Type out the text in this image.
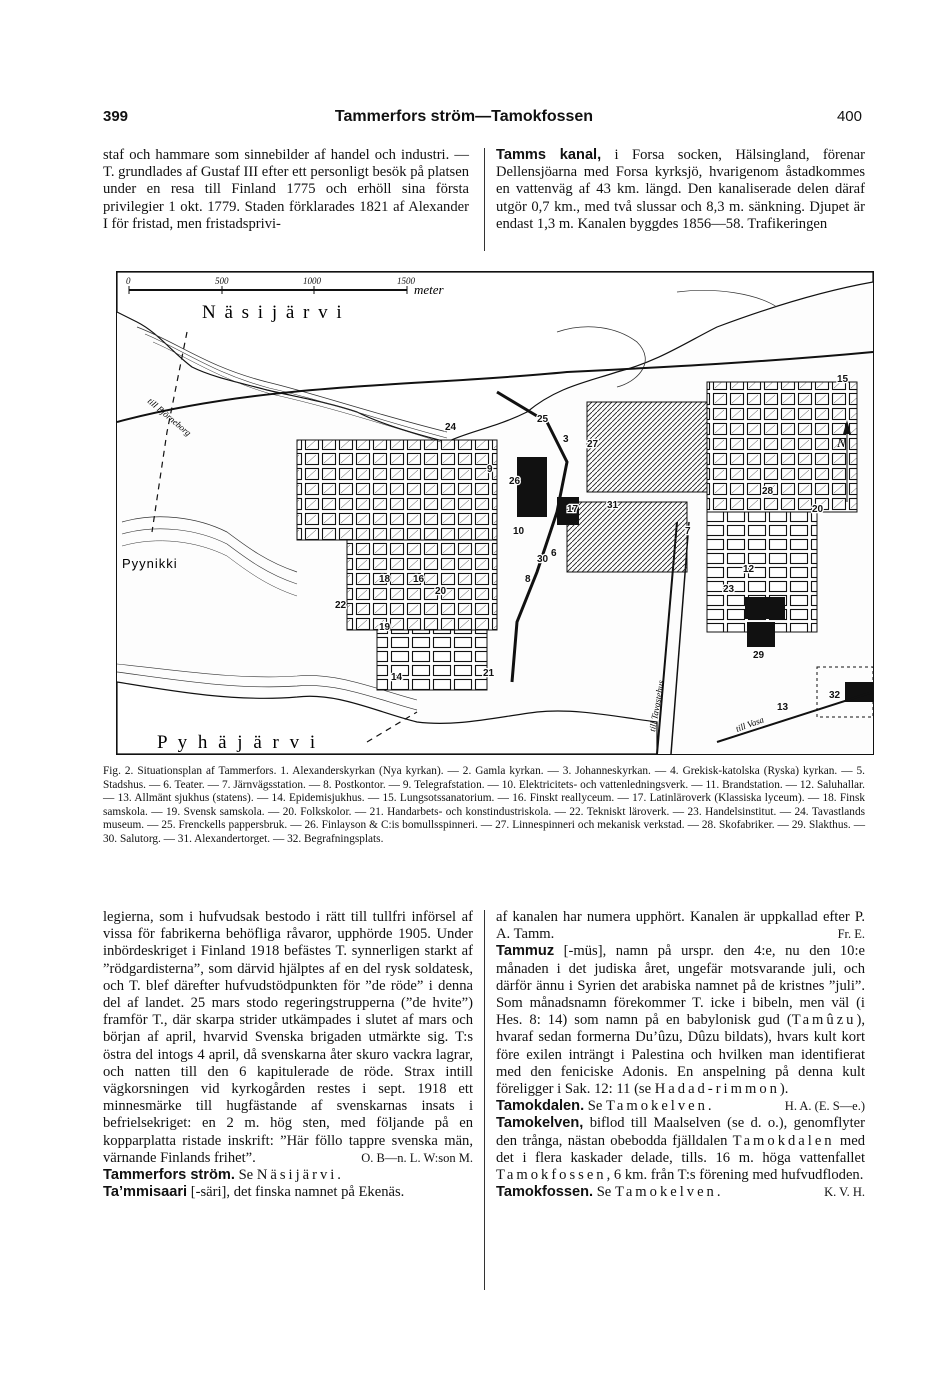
399	Tammerfors ström—Tamokfossen	400

staf och hammare som sinnebilder af handel och industri. — T. grundlades af Gustaf III efter ett personligt besök på platsen under en resa till Finland 1775 och erhöll sina första privilegier 1 okt. 1779. Staden förklarades 1821 af Alexander I för fristad, men fristadsprivi-

Tamms kanal, i Forsa socken, Hälsingland, förenar Dellensjöarna med Forsa kyrksjö, hvarigenom åstadkommes en vattenväg af 43 km. längd. Den kanaliserade delen däraf utgör 0,7 km., med två slussar och 8,3 m. sänkning. Djupet är endast 1,3 m. Kanalen byggdes 1856—58. Trafikeringen

0	500	1000	1500
meter
N ä s i j ä r v i
P y h ä j ä r v i
Pyynikki
till Björneborg
till Tavastehus	till Vasa
N
15
24
27
9
26
20
28
30
6
18 16
20
22
19
14	21
29
13
32
3
17
10
8
12
25
23
31
7
Fig. 2. Situationsplan af Tammerfors. 1. Alexanderskyrkan (Nya kyrkan). — 2. Gamla kyrkan. — 3. Johanneskyrkan. — 4. Grekisk-katolska (Ryska) kyrkan. — 5. Stadshus. — 6. Teater. — 7. Järnvägsstation. — 8. Postkontor. — 9. Telegrafstation. — 10. Elektricitets- och vattenledningsverk. — 11. Brandstation. — 12. Saluhallar. — 13. Allmänt sjukhus (statens). — 14. Epidemisjukhus. — 15. Lungsotssanatorium. — 16. Finskt reallyceum. — 17. Latinläroverk (Klassiska lyceum). — 18. Finsk samskola. — 19. Svensk samskola. — 20. Folkskolor. — 21. Handarbets- och konstindustriskola. — 22. Tekniskt läroverk. — 23. Handelsinstitut. — 24. Tavastlands museum. — 25. Frenckells pappersbruk. — 26. Finlayson & C:is bomullsspinneri. — 27. Linnespinneri och mekanisk verkstad. — 28. Skofabriker. — 29. Slakthus. — 30. Salutorg. — 31. Alexandertorget. — 32. Begrafningsplats.

legierna, som i hufvudsak bestodo i rätt till tullfri införsel af vissa för fabrikerna behöfliga råvaror, upphörde 1905. Under inbördeskriget i Finland 1918 befästes T. synnerligen starkt af ”rödgardisterna”, som därvid hjälptes af en del rysk soldatesk, och T. blef därefter hufvudstödpunkten för ”de röde” i denna del af landet. 25 mars stodo regeringstrupperna (”de hvite”) framför T., där skarpa strider utkämpades i slutet af mars och början af april, hvarvid Svenska brigaden utmärkte sig. T:s östra del intogs 4 april, då svenskarna åter skuro vackra lagrar, och natten till den 6 kapitulerade de röde. Strax intill vägkorsningen vid kyrkogården restes i sept. 1918 ett minnesmärke till hugfästande af svenskarnas insats i befrielsekriget: en 2 m. hög sten, med följande på en kopparplatta ristade inskrift: ”Här föllo tappre svenska män, värnande Finlands frihet”.	O. B—n. L. W:son M.

Tammerfors ström. Se Näsijärvi.

Ta’mmisaari [-säri], det finska namnet på Ekenäs.

af kanalen har numera upphört. Kanalen är uppkallad efter P. A. Tamm.	Fr. E.

Tammuz [-müs], namn på urspr. den 4:e, nu den 10:e månaden i det judiska året, ungefär motsvarande juli, och därför ännu i Syrien det arabiska namnet på de kristnes ”juli”. Som månadsnamn förekommer T. icke i bibeln, men väl (i Hes. 8: 14) som namn på en babylonisk gud (Tamûzu), hvaraf sedan formerna Du’ûzu, Dûzu bildats), hvars kult kort före exilen inträngt i Palestina och hvilken man identifierat med den feniciske Adonis. En anspelning på denna kult föreligger i Sak. 12: 11 (se Hadad-rimmon).
H. A. (E. S—e.)

Tamokdalen. Se Tamokelven.

Tamokelven, biflod till Maalselven (se d. o.), genomflyter den trånga, nästan obebodda fjälldalen Tamokdalen med det i flera kaskader delade, tills. 16 m. höga vattenfallet Tamokfossen, 6 km. från T:s förening med hufvudfloden.
K. V. H.

Tamokfossen. Se Tamokelven.
